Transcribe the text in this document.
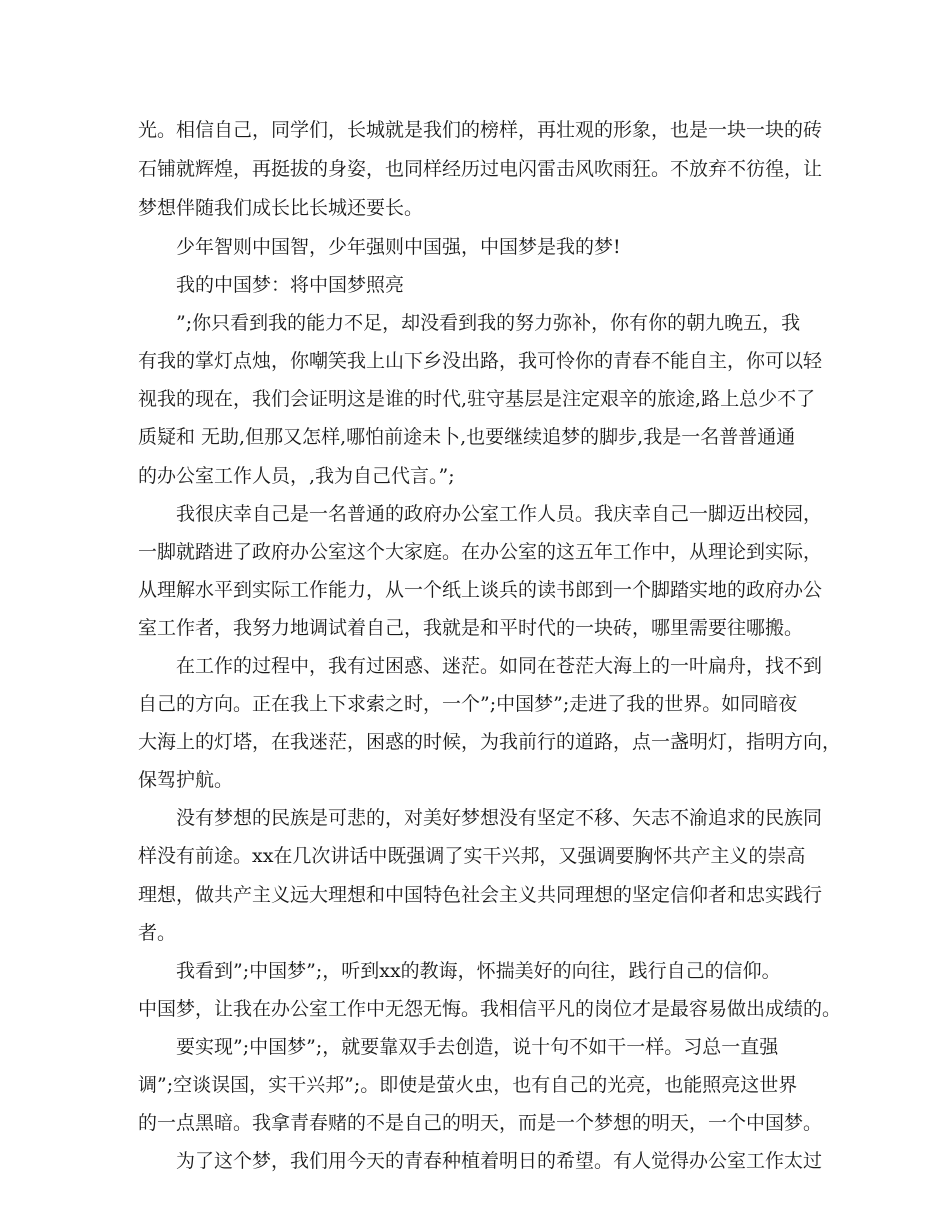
光。相信自己，同学们，长城就是我们的榜样，再壮观的形象，也是一块一块的砖

石铺就辉煌，再挺拔的身姿，也同样经历过电闪雷击风吹雨狂。不放弃不彷徨，让

梦想伴随我们成长比长城还要长。

少年智则中国智，少年强则中国强，中国梦是我的梦!

我的中国梦：将中国梦照亮

”;你只看到我的能力不足，却没看到我的努力弥补，你有你的朝九晚五，我

有我的掌灯点烛，你嘲笑我上山下乡没出路，我可怜你的青春不能自主，你可以轻

视我的现在，我们会证明这是谁的时代,驻守基层是注定艰辛的旅途,路上总少不了

质疑和 无助,但那又怎样,哪怕前途未卜,也要继续追梦的脚步,我是一名普普通通

的办公室工作人员，,我为自己代言。”;

我很庆幸自己是一名普通的政府办公室工作人员。我庆幸自己一脚迈出校园，

一脚就踏进了政府办公室这个大家庭。在办公室的这五年工作中，从理论到实际，

从理解水平到实际工作能力，从一个纸上谈兵的读书郎到一个脚踏实地的政府办公

室工作者，我努力地调试着自己，我就是和平时代的一块砖，哪里需要往哪搬。

在工作的过程中，我有过困惑、迷茫。如同在苍茫大海上的一叶扁舟，找不到

自己的方向。正在我上下求索之时，一个”;中国梦”;走进了我的世界。如同暗夜

大海上的灯塔，在我迷茫，困惑的时候，为我前行的道路，点一盏明灯，指明方向，

保驾护航。

没有梦想的民族是可悲的，对美好梦想没有坚定不移、矢志不渝追求的民族同

样没有前途。xx在几次讲话中既强调了实干兴邦，又强调要胸怀共产主义的崇高

理想，做共产主义远大理想和中国特色社会主义共同理想的坚定信仰者和忠实践行

者。

我看到”;中国梦”;，听到xx的教诲，怀揣美好的向往，践行自己的信仰。

中国梦，让我在办公室工作中无怨无悔。我相信平凡的岗位才是最容易做出成绩的。

要实现”;中国梦”;，就要靠双手去创造，说十句不如干一样。习总一直强

调”;空谈误国，实干兴邦”;。即使是萤火虫，也有自己的光亮，也能照亮这世界

的一点黑暗。我拿青春赌的不是自己的明天，而是一个梦想的明天，一个中国梦。

为了这个梦，我们用今天的青春种植着明日的希望。有人觉得办公室工作太过
